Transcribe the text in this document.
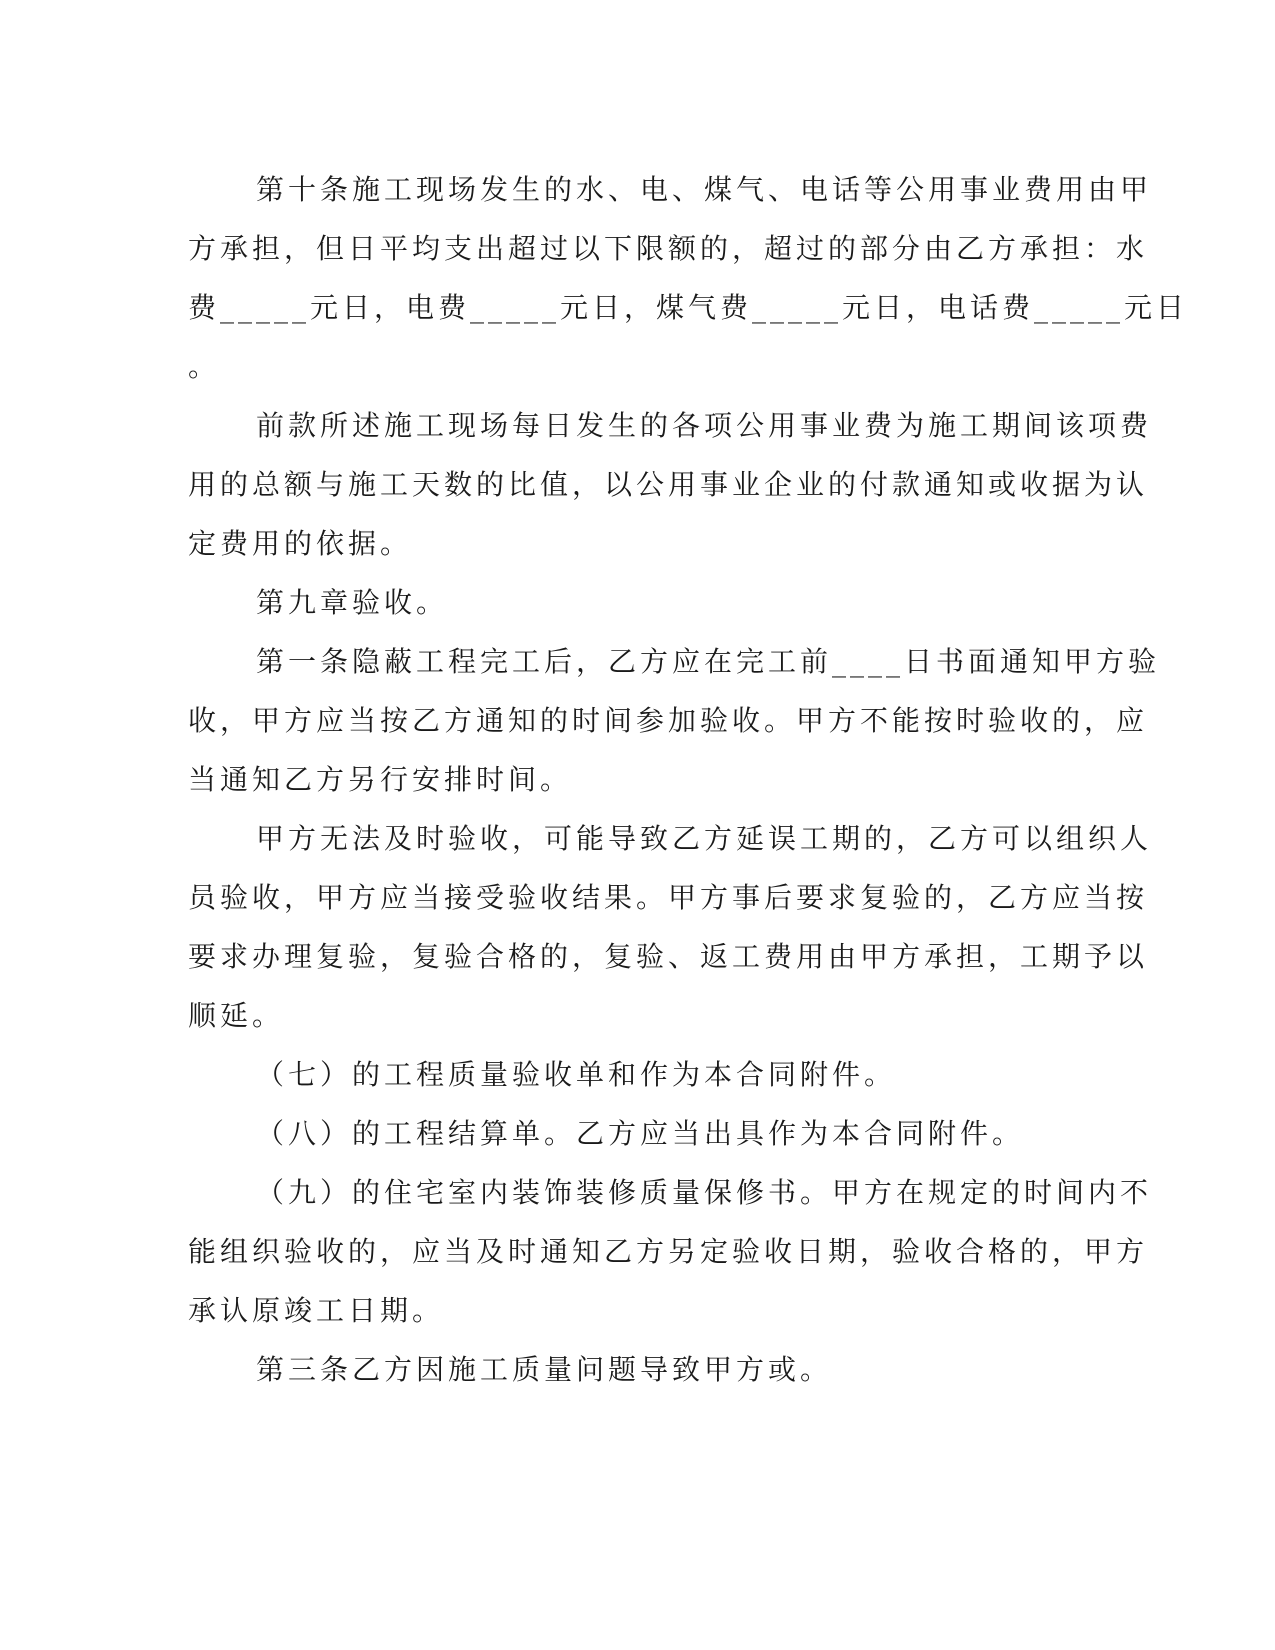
第十条施工现场发生的水、电、煤气、电话等公用事业费用由甲
方承担，但日平均支出超过以下限额的，超过的部分由乙方承担：水
费_____元日，电费_____元日，煤气费_____元日，电话费_____元日
。
前款所述施工现场每日发生的各项公用事业费为施工期间该项费
用的总额与施工天数的比值，以公用事业企业的付款通知或收据为认
定费用的依据。
第九章验收。
第一条隐蔽工程完工后，乙方应在完工前____日书面通知甲方验
收，甲方应当按乙方通知的时间参加验收。甲方不能按时验收的，应
当通知乙方另行安排时间。
甲方无法及时验收，可能导致乙方延误工期的，乙方可以组织人
员验收，甲方应当接受验收结果。甲方事后要求复验的，乙方应当按
要求办理复验，复验合格的，复验、返工费用由甲方承担，工期予以
顺延。
（七）的工程质量验收单和作为本合同附件。
（八）的工程结算单。乙方应当出具作为本合同附件。
（九）的住宅室内装饰装修质量保修书。甲方在规定的时间内不
能组织验收的，应当及时通知乙方另定验收日期，验收合格的，甲方
承认原竣工日期。
第三条乙方因施工质量问题导致甲方或。
